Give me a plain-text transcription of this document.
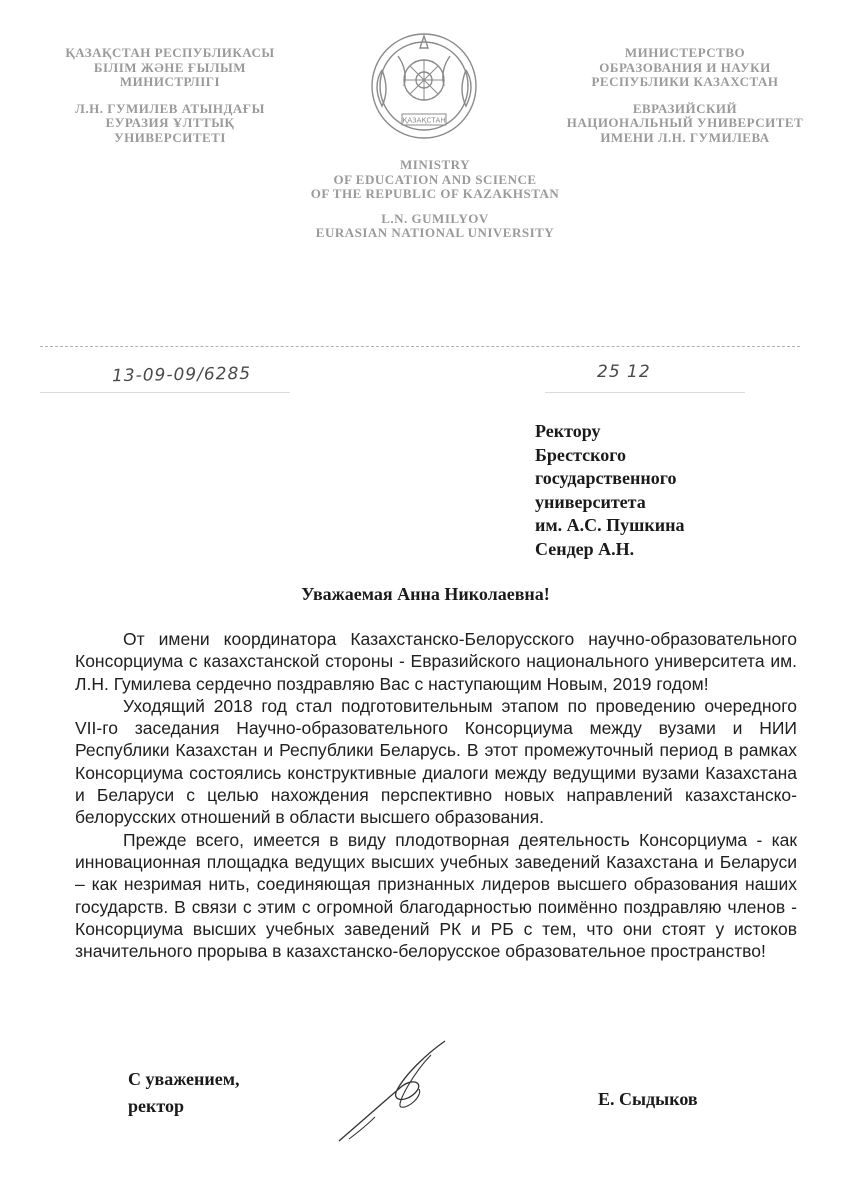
ҚАЗАҚСТАН РЕСПУБЛИКАСЫ
БІЛІМ ЖӘНЕ ҒЫЛЫМ
МИНИСТРЛІГІ
Л.Н. ГУМИЛЕВ АТЫНДАҒЫ
ЕУРАЗИЯ ҰЛТТЫҚ
УНИВЕРСИТЕТІ
ҚАЗАҚСТАН
МИНИСТЕРСТВО
ОБРАЗОВАНИЯ И НАУКИ
РЕСПУБЛИКИ КАЗАХСТАН
ЕВРАЗИЙСКИЙ
НАЦИОНАЛЬНЫЙ УНИВЕРСИТЕТ
ИМЕНИ Л.Н. ГУМИЛЕВА
MINISTRY
OF EDUCATION AND SCIENCE
OF THE REPUBLIC OF KAZAKHSTAN
L.N. GUMILYOV
EURASIAN NATIONAL UNIVERSITY
13-09-09/6285	25 12
Ректору
Брестского
государственного
университета
им. А.С. Пушкина
Сендер А.Н.
Уважаемая Анна Николаевна!

От имени координатора Казахстанско-Белорусского научно-образовательного Консорциума с казахстанской стороны - Евразийского национального университета им. Л.Н. Гумилева сердечно поздравляю Вас с наступающим Новым, 2019 годом!

Уходящий 2018 год стал подготовительным этапом по проведению очередного VII-го заседания Научно-образовательного Консорциума между вузами и НИИ Республики Казахстан и Республики Беларусь. В этот промежуточный период в рамках Консорциума состоялись конструктивные диалоги между ведущими вузами Казахстана и Беларуси с целью нахождения перспективно новых направлений казахстанско-белорусских отношений в области высшего образования.

Прежде всего, имеется в виду плодотворная деятельность Консорциума - как инновационная площадка ведущих высших учебных заведений Казахстана и Беларуси – как незримая нить, соединяющая признанных лидеров высшего образования наших государств. В связи с этим с огромной благодарностью поимённо поздравляю членов - Консорциума высших учебных заведений РК и РБ с тем, что они стоят у истоков значительного прорыва в казахстанско-белорусское образовательное пространство!

С уважением,
ректор	Е. Сыдыков
